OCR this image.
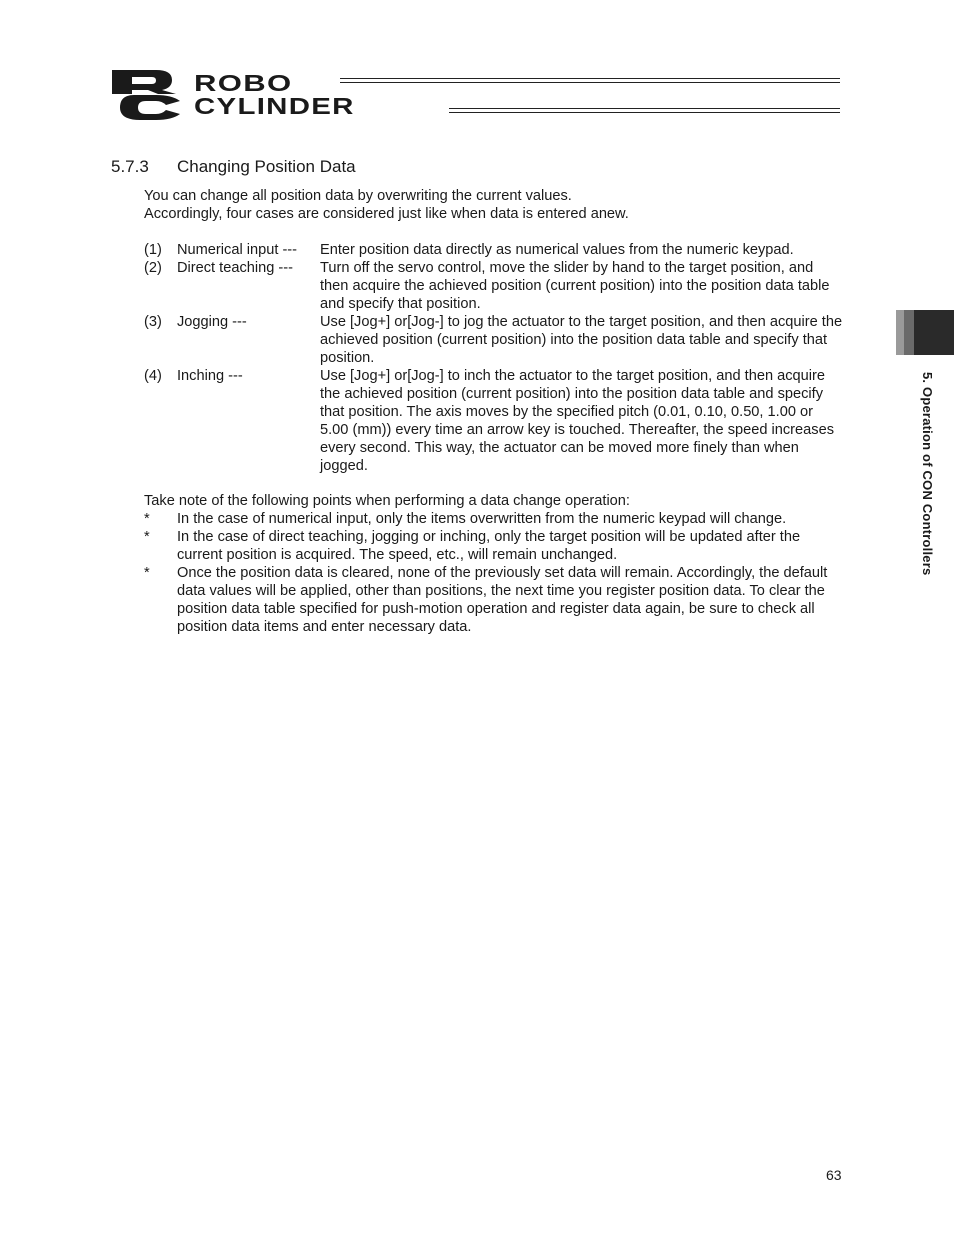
ROBO
CYLINDER
5.7.3 Changing Position Data
You can change all position data by overwriting the current values.
Accordingly, four cases are considered just like when data is entered anew.
(1)	Numerical input ---	Enter position data directly as numerical values from the numeric keypad.
(2)	Direct teaching ---	Turn off the servo control, move the slider by hand to the target position, and then acquire the achieved position (current position) into the position data table and specify that position.
(3)	Jogging ---	Use [Jog+] or[Jog-] to jog the actuator to the target position, and then acquire the achieved position (current position) into the position data table and specify that position.
(4)	Inching ---	Use [Jog+] or[Jog-] to inch the actuator to the target position, and then acquire the achieved position (current position) into the position data table and specify that position. The axis moves by the specified pitch (0.01, 0.10, 0.50, 1.00 or 5.00 (mm)) every time an arrow key is touched. Thereafter, the speed increases every second. This way, the actuator can be moved more finely than when jogged.
Take note of the following points when performing a data change operation:
*	In the case of numerical input, only the items overwritten from the numeric keypad will change.
*	In the case of direct teaching, jogging or inching, only the target position will be updated after the current position is acquired. The speed, etc., will remain unchanged.
*	Once the position data is cleared, none of the previously set data will remain. Accordingly, the default data values will be applied, other than positions, the next time you register position data. To clear the position data table specified for push-motion operation and register data again, be sure to check all position data items and enter necessary data.
5. Operation of CON Controllers
63
